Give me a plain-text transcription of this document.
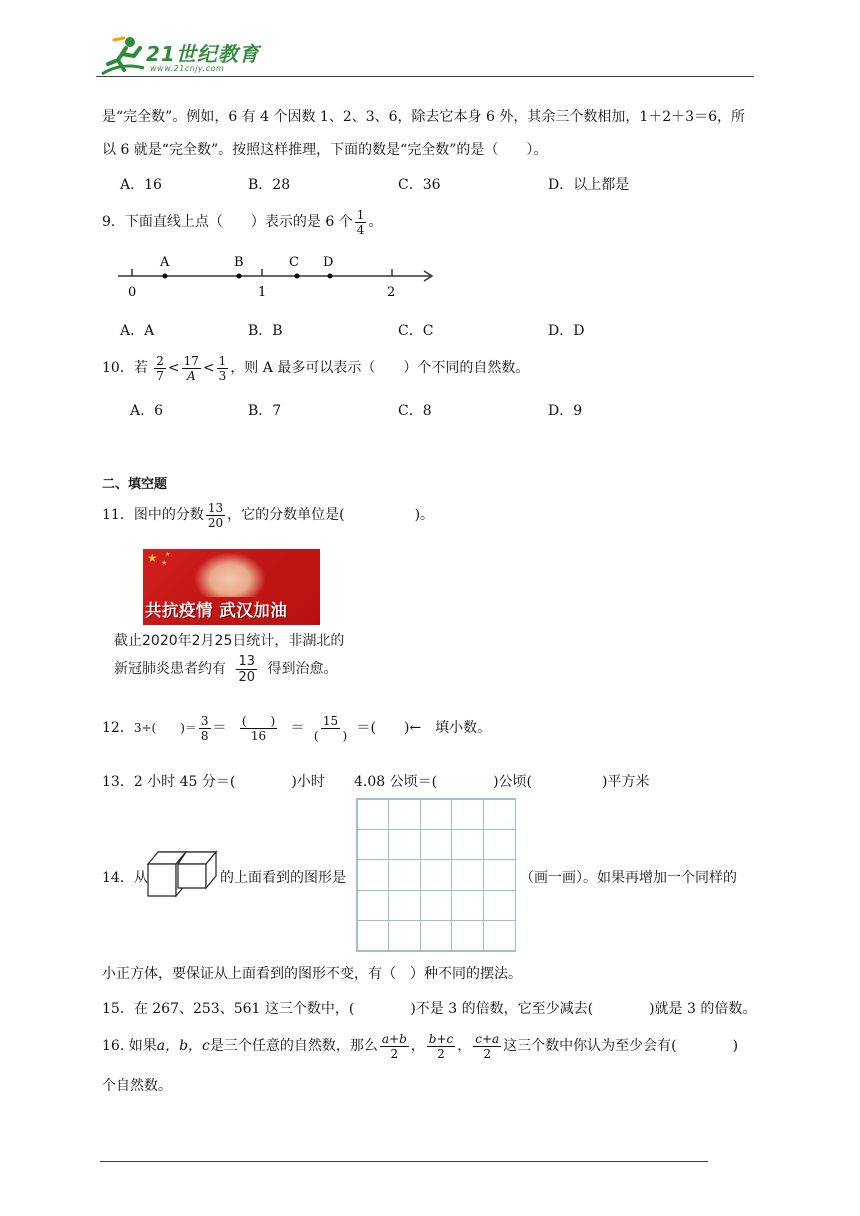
21世纪教育
www.21cnjy.com
是“完全数”。例如，6 有 4 个因数 1、2、3、6，除去它本身 6 外，其余三个数相加，1＋2＋3＝6，所
以 6 就是“完全数”。按照这样推理，下面的数是“完全数”的是（　　）。
A．16	B．28	C．36	D．以上都是
9．下面直线上点（　　）表示的是 6 个 $\frac{1}{4}$ 。
A	B	C D
0	1	2
A．A	B．B	C．C	D．D
10．若 $\frac{2}{7} < \frac{17}{A} < \frac{1}{3}$ ，则 A 最多可以表示（　　）个不同的自然数。
A．6	B．7	C．8	D．9
二、填空题
11．图中的分数 $\frac{13}{20}$ ，它的分数单位是(　　　　　)。
★ ★
★
共抗疫情 武汉加油
截止2020年2月25日统计，非湖北的
新冠肺炎患者约有 $\frac{13}{20}$ 得到治愈。
12．3÷(　　)＝ $\frac{3}{8} = \frac{( )}{16} = \frac{15}{( )}$ ＝(　　)←　填小数。
13．2 小时 45 分＝(　　　　)小时 4.08 公顷＝(　　　　)公顷(　　　　　)平方米
14．从	的上面看到的图形是	（画一画）。如果再增加一个同样的
小正方体，要保证从上面看到的图形不变，有（　）种不同的摆法。
15．在 267、253、561 这三个数中，(　　　　)不是 3 的倍数，它至少减去(　　　　)就是 3 的倍数。
16. 如果a，b，c是三个任意的自然数，那么 $\frac{a+b}{2}$ ， $\frac{b+c}{2}$ ， $\frac{c+a}{2}$ 这三个数中你认为至少会有(　　　　)
个自然数。
